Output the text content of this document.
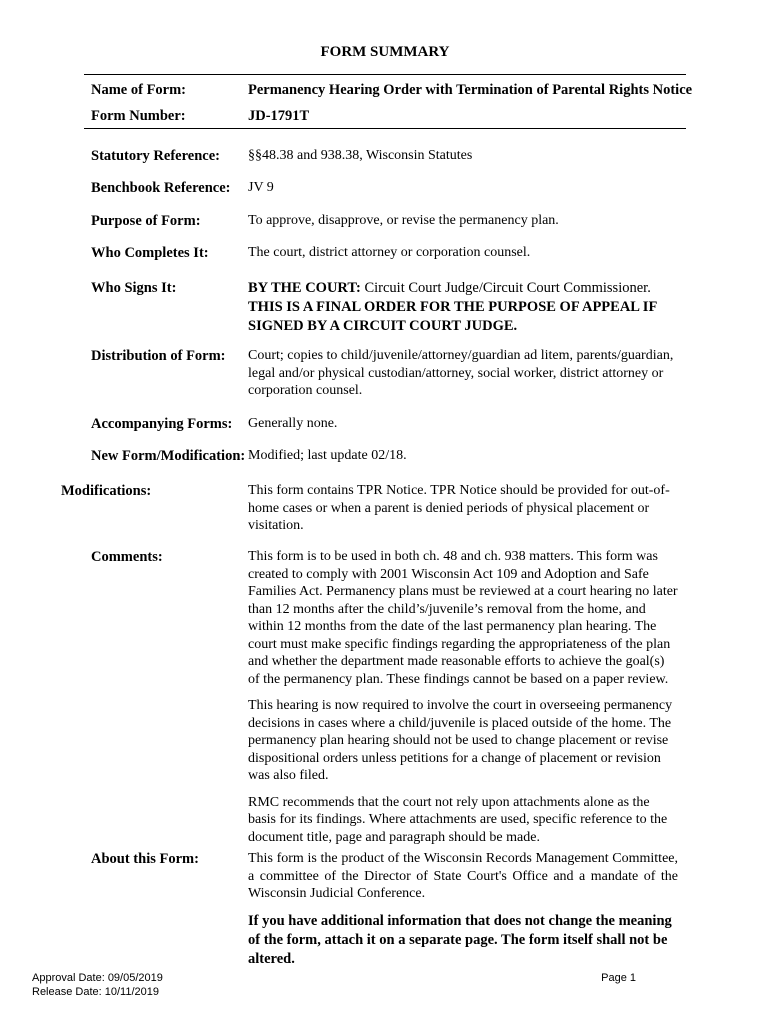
FORM SUMMARY
Name of Form:	Permanency Hearing Order with Termination of Parental Rights Notice
Form Number:	JD-1791T
Statutory Reference: §§48.38 and 938.38, Wisconsin Statutes
Benchbook Reference: JV 9
Purpose of Form:	To approve, disapprove, or revise the permanency plan.
Who Completes It:	The court, district attorney or corporation counsel.
Who Signs It:	BY THE COURT: Circuit Court Judge/Circuit Court Commissioner. THIS IS A FINAL ORDER FOR THE PURPOSE OF APPEAL IF SIGNED BY A CIRCUIT COURT JUDGE.
Distribution of Form: Court; copies to child/juvenile/attorney/guardian ad litem, parents/guardian, legal and/or physical custodian/attorney, social worker, district attorney or corporation counsel.
Accompanying Forms: Generally none.
New Form/Modification: Modified; last update 02/18.
Modifications:	This form contains TPR Notice. TPR Notice should be provided for out-of-home cases or when a parent is denied periods of physical placement or visitation.
Comments:	This form is to be used in both ch. 48 and ch. 938 matters. This form was created to comply with 2001 Wisconsin Act 109 and Adoption and Safe Families Act. Permanency plans must be reviewed at a court hearing no later than 12 months after the child’s/juvenile’s removal from the home, and within 12 months from the date of the last permanency plan hearing. The court must make specific findings regarding the appropriateness of the plan and whether the department made reasonable efforts to achieve the goal(s) of the permanency plan. These findings cannot be based on a paper review.

This hearing is now required to involve the court in overseeing permanency decisions in cases where a child/juvenile is placed outside of the home. The permanency plan hearing should not be used to change placement or revise dispositional orders unless petitions for a change of placement or revision was also filed.

RMC recommends that the court not rely upon attachments alone as the basis for its findings. Where attachments are used, specific reference to the document title, page and paragraph should be made.

About this Form:	This form is the product of the Wisconsin Records Management Committee, a committee of the Director of State Court's Office and a mandate of the Wisconsin Judicial Conference.

If you have additional information that does not change the meaning of the form, attach it on a separate page. The form itself shall not be altered.

Approval Date: 09/05/2019
Release Date: 10/11/2019
Page 1
